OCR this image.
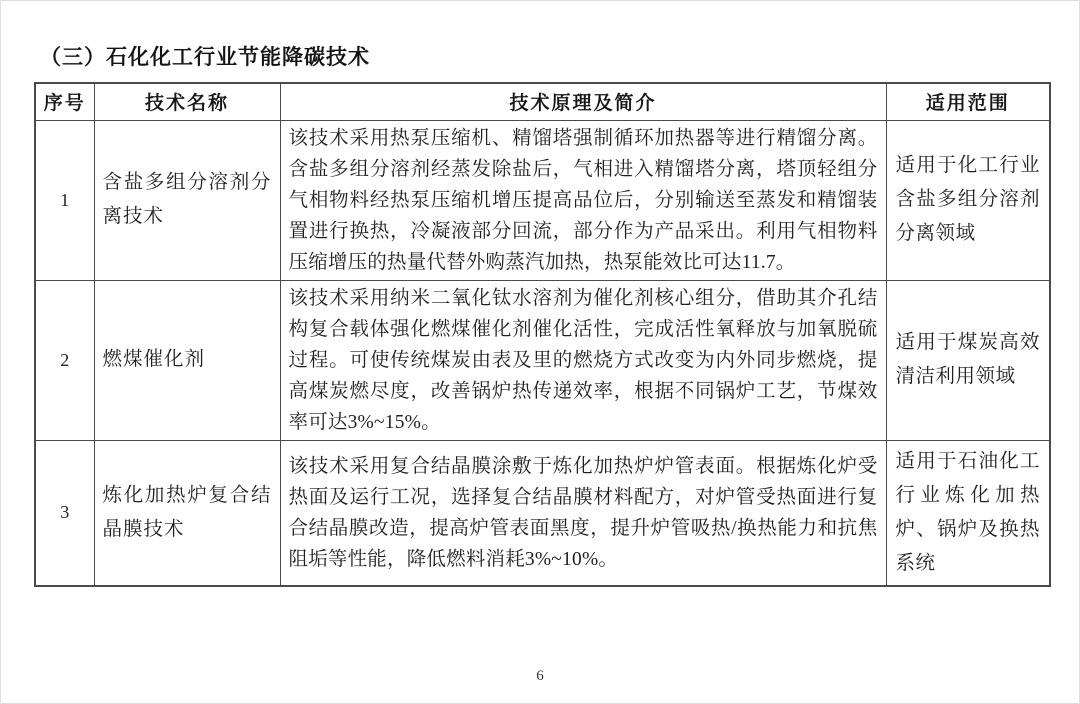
（三）石化化工行业节能降碳技术
序号	技术名称	技术原理及简介	适用范围
1	含盐多组分溶剂分离技术	该技术采用热泵压缩机、精馏塔强制循环加热器等进行精馏分离。含盐多组分溶剂经蒸发除盐后，气相进入精馏塔分离，塔顶轻组分气相物料经热泵压缩机增压提高品位后，分别输送至蒸发和精馏装置进行换热，冷凝液部分回流，部分作为产品采出。利用气相物料压缩增压的热量代替外购蒸汽加热，热泵能效比可达11.7。	适用于化工行业含盐多组分溶剂分离领域
2	燃煤催化剂	该技术采用纳米二氧化钛水溶剂为催化剂核心组分，借助其介孔结构复合载体强化燃煤催化剂催化活性，完成活性氧释放与加氧脱硫过程。可使传统煤炭由表及里的燃烧方式改变为内外同步燃烧，提高煤炭燃尽度，改善锅炉热传递效率，根据不同锅炉工艺，节煤效率可达3%~15%。	适用于煤炭高效清洁利用领域
3	炼化加热炉复合结晶膜技术	该技术采用复合结晶膜涂敷于炼化加热炉炉管表面。根据炼化炉受热面及运行工况，选择复合结晶膜材料配方，对炉管受热面进行复合结晶膜改造，提高炉管表面黑度，提升炉管吸热/换热能力和抗焦阻垢等性能，降低燃料消耗3%~10%。	适用于石油化工行业炼化加热炉、锅炉及换热系统
6
